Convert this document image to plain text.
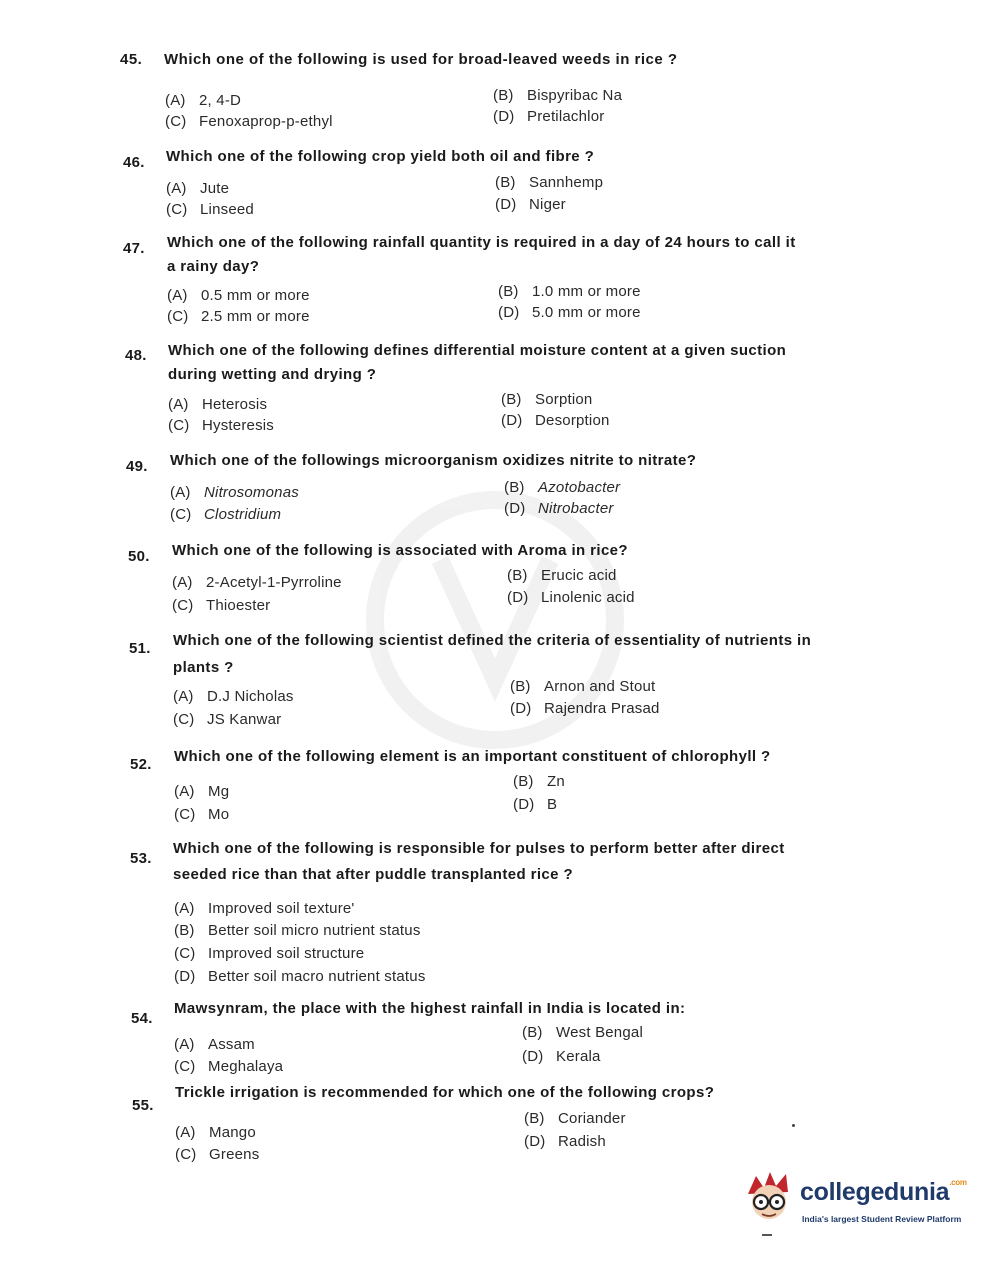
45. Which one of the following is used for broad-leaved weeds in rice ?
(A) 2, 4-D	(B) Bispyribac Na
(C) Fenoxaprop-p-ethyl	(D) Pretilachlor
46. Which one of the following crop yield both oil and fibre ?
(A) Jute	(B) Sannhemp
(C) Linseed	(D) Niger
47. Which one of the following rainfall quantity is required in a day of 24 hours to call it
a rainy day?
(A) 0.5 mm or more	(B) 1.0 mm or more
(C) 2.5 mm or more	(D) 5.0 mm or more
48. Which one of the following defines differential moisture content at a given suction
during wetting and drying ?
(A) Heterosis	(B) Sorption
(C) Hysteresis	(D) Desorption
49. Which one of the followings microorganism oxidizes nitrite to nitrate?
(A) Nitrosomonas	(B) Azotobacter
(C) Clostridium	(D) Nitrobacter
50. Which one of the following is associated with Aroma in rice?
(A) 2-Acetyl-1-Pyrroline	(B) Erucic acid
(C) Thioester	(D) Linolenic acid
51. Which one of the following scientist defined the criteria of essentiality of nutrients in
plants ?
(A) D.J Nicholas
(B) Arnon and Stout
(C) JS Kanwar
(D) Rajendra Prasad
52. Which one of the following element is an important constituent of chlorophyll ?
(A) Mg
(B) Zn
(C) Mo
(D) B
53.
Which one of the following is responsible for pulses to perform better after direct
seeded rice than that after puddle transplanted rice ?
(A) Improved soil texture'
(B) Better soil micro nutrient status
(C) Improved soil structure
(D) Better soil macro nutrient status
54.
Mawsynram, the place with the highest rainfall in India is located in:
(A) Assam
(B) West Bengal
(C) Meghalaya
(D) Kerala
55.
Trickle irrigation is recommended for which one of the following crops?
(A) Mango
(B) Coriander
(C) Greens
(D) Radish
collegedunia$^{.com}$
India's largest Student Review Platform
